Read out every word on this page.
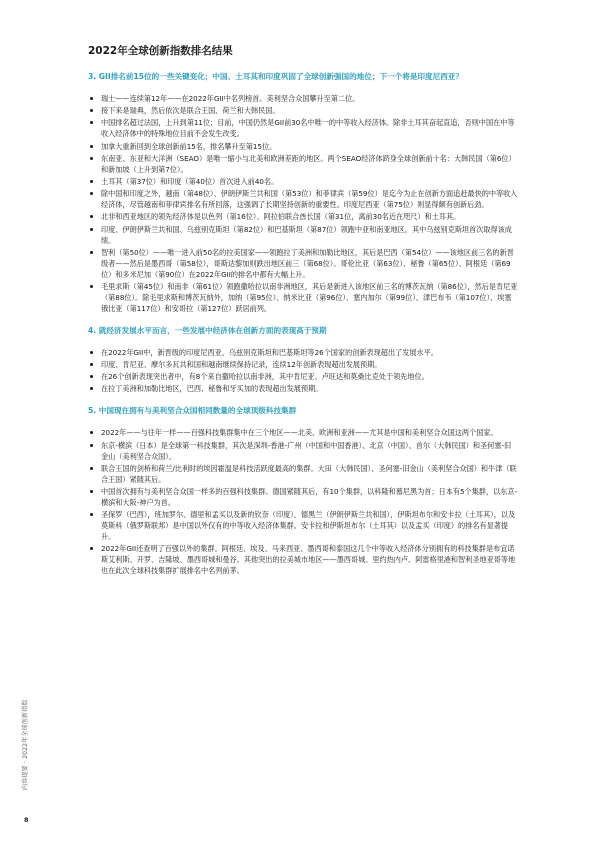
2022年全球创新指数排名结果
3. GII排名前15位的一些关键变化；中国、土耳其和印度巩固了全球创新强国的地位；下一个将是印度尼西亚？
瑞士——连续第12年——在2022年GII中名列榜首。美利坚合众国攀升至第二位。
接下来是瑞典，然后依次是联合王国、荷兰和大韩民国。
中国排名超过法国，上升到第11位；目前，中国仍然是GII前30名中唯一的中等收入经济体。除非土耳其奋起直追，否则中国在中等收入经济体中的特殊地位目前不会发生改变。
加拿大重新回到全球创新前15名，排名攀升至第15位。
东南亚、东亚和大洋洲（SEAO）是唯一缩小与北美和欧洲差距的地区。两个SEAO经济体跻身全球创新前十名：大韩民国（第6位）和新加坡（上升到第7位）。
土耳其（第37位）和印度（第40位）首次进入前40名。
除中国和印度之外，越南（第48位）、伊朗伊斯兰共和国（第53位）和菲律宾（第59位）是迄今为止在创新方面追赶最快的中等收入经济体，尽管越南和菲律宾排名有所回落，这强调了长期坚持创新的重要性。印度尼西亚（第75位）则显得颇有创新后劲。
北非和西亚地区的领先经济体是以色列（第16位）、阿拉伯联合酋长国（第31位，离前30名近在咫尺）和土耳其。
印度、伊朗伊斯兰共和国、乌兹别克斯坦（第82位）和巴基斯坦（第87位）领跑中亚和南亚地区，其中乌兹别克斯坦首次取得该成绩。
智利（第50位）——唯一进入前50名的拉美国家——领跑拉丁美洲和加勒比地区，其后是巴西（第54位）——该地区前三名的新晋级者——然后是墨西哥（第58位），哥斯达黎加则跌出地区前三（第68位）。哥伦比亚（第63位）、秘鲁（第65位）、阿根廷（第69位）和多米尼加（第90位）在2022年GII的排名中都有大幅上升。
毛里求斯（第45位）和南非（第61位）领跑撒哈拉以南非洲地区，其后是新进入该地区前三名的博茨瓦纳（第86位），然后是肯尼亚（第88位）。除毛里求斯和博茨瓦纳外，加纳（第95位）、纳米比亚（第96位）、塞内加尔（第99位）、津巴布韦（第107位）、埃塞俄比亚（第117位）和安哥拉（第127位）跃居前列。
4. 就经济发展水平而言，一些发展中经济体在创新方面的表现高于预期
在2022年GII中，新晋级的印度尼西亚、乌兹别克斯坦和巴基斯坦等26个国家的创新表现超出了发展水平。
印度、肯尼亚、摩尔多瓦共和国和越南继续保持记录，连续12年创新表现超出发展预期。
在26个创新表现突出者中，有8个来自撒哈拉以南非洲，其中肯尼亚、卢旺达和莫桑比克处于领先地位。
在拉丁美洲和加勒比地区，巴西、秘鲁和牙买加的表现超出发展预期。
5. 中国现在拥有与美利坚合众国相同数量的全球顶级科技集群
2022年——与往年一样——百强科技集群集中在三个地区——北美、欧洲和亚洲——尤其是中国和美利坚合众国这两个国家。
东京-横滨（日本）是全球第一科技集群，其次是深圳-香港-广州（中国和中国香港）、北京（中国）、首尔（大韩民国）和圣何塞-旧金山（美利坚合众国）。
联合王国的剑桥和荷兰/比利时的埃因霍温是科技活跃度最高的集群。大田（大韩民国）、圣何塞-旧金山（美利坚合众国）和牛津（联合王国）紧随其后。
中国首次拥有与美利坚合众国一样多的百强科技集群。德国紧随其后，有10个集群，以科隆和慕尼黑为首；日本有5个集群，以东京-横滨和大阪-神户为首。
圣保罗（巴西），班加罗尔、德里和孟买以及新的钦奈（印度），德黑兰（伊朗伊斯兰共和国），伊斯坦布尔和安卡拉（土耳其），以及莫斯科（俄罗斯联邦）是中国以外仅有的中等收入经济体集群。安卡拉和伊斯坦布尔（土耳其）以及孟买（印度）的排名有显著提升。
2022年GII还查明了百强以外的集群。阿根廷、埃及、马来西亚、墨西哥和泰国这几个中等收入经济体分别拥有的科技集群是布宜诺斯艾利斯、开罗、吉隆坡、墨西哥城和曼谷。其他突出的拉美城市地区——墨西哥城、里约热内卢、阿雷格里港和智利圣地亚哥等地也在此次全球科技集群扩展排名中名列前茅。
内容提要 · 2022年全球创新指数
8
